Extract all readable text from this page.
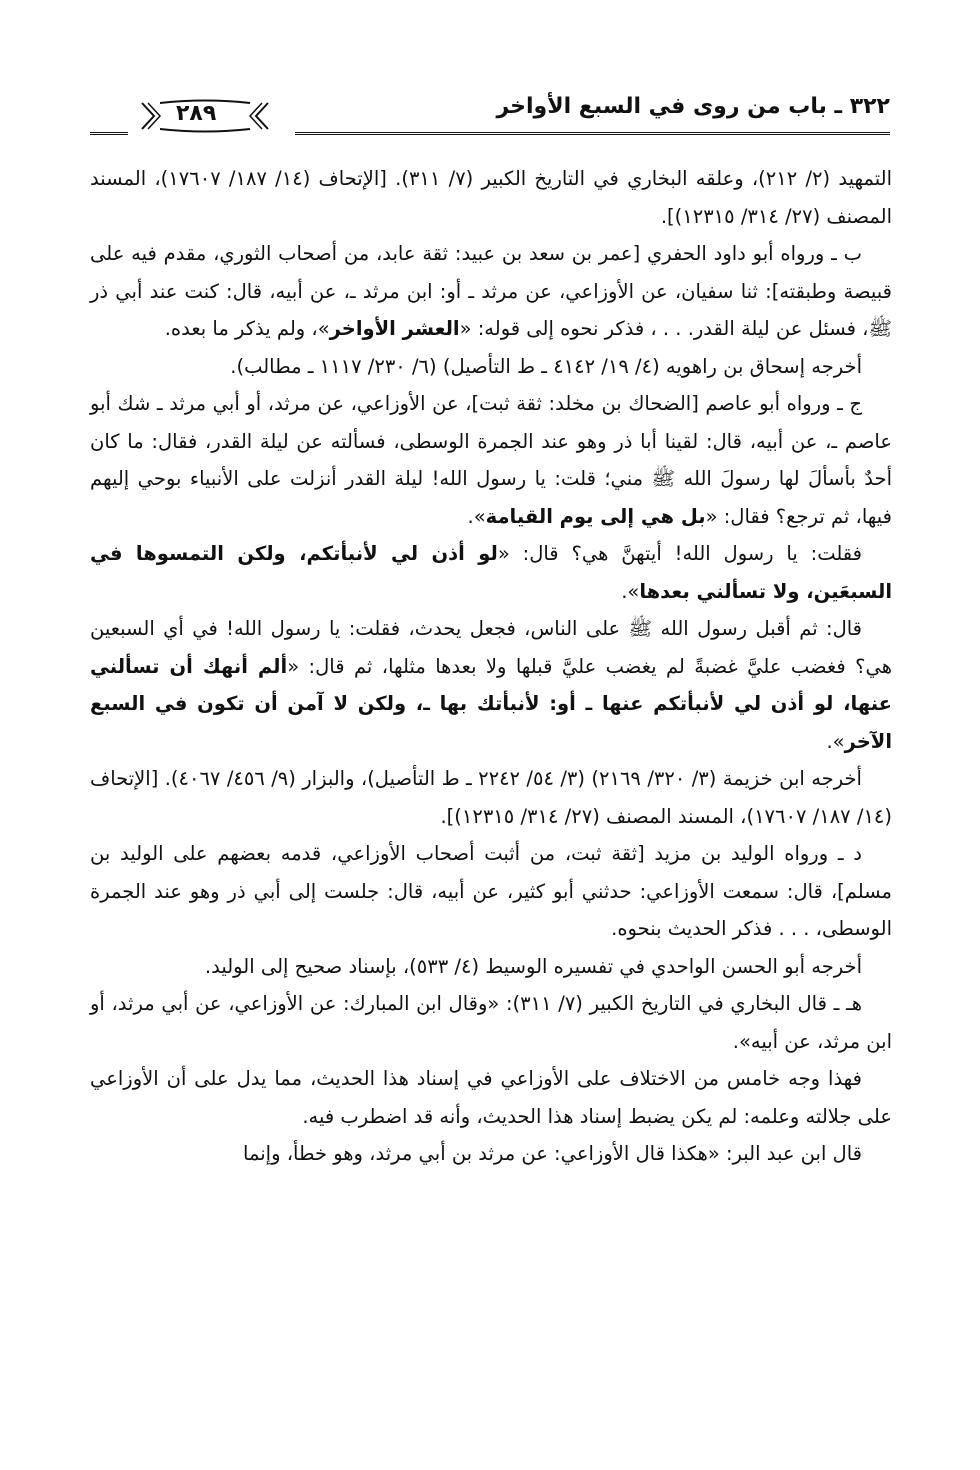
٣٢٢ ـ باب من روى في السبع الأواخر
٢٨٩

التمهيد (٢/ ٢١٢)، وعلقه البخاري في التاريخ الكبير (٧/ ٣١١). [الإتحاف (١٤/ ١٨٧/ ١٧٦٠٧)، المسند المصنف (٢٧/ ٣١٤/ ١٢٣١٥)].

ب ـ ورواه أبو داود الحفري [عمر بن سعد بن عبيد: ثقة عابد، من أصحاب الثوري، مقدم فيه على قبيصة وطبقته]: ثنا سفيان، عن الأوزاعي، عن مرثد ـ أو: ابن مرثد ـ، عن أبيه، قال: كنت عند أبي ذر ﷺ، فسئل عن ليلة القدر. . . ، فذكر نحوه إلى قوله: «العشر الأواخر»، ولم يذكر ما بعده.

أخرجه إسحاق بن راهويه (٤/ ١٩/ ٤١٤٢ ـ ط التأصيل) (٦/ ٢٣٠/ ١١١٧ ـ مطالب).

ج ـ ورواه أبو عاصم [الضحاك بن مخلد: ثقة ثبت]، عن الأوزاعي، عن مرثد، أو أبي مرثد ـ شك أبو عاصم ـ، عن أبيه، قال: لقينا أبا ذر وهو عند الجمرة الوسطى، فسألته عن ليلة القدر، فقال: ما كان أحدٌ بأسألَ لها رسولَ الله ﷺ مني؛ قلت: يا رسول الله! ليلة القدر أنزلت على الأنبياء بوحي إليهم فيها، ثم ترجع؟ فقال: «بل هي إلى يوم القيامة».

فقلت: يا رسول الله! أيتهنَّ هي؟ قال: «لو أذن لي لأنبأتكم، ولكن التمسوها في السبعَين، ولا تسألني بعدها».

قال: ثم أقبل رسول الله ﷺ على الناس، فجعل يحدث، فقلت: يا رسول الله! في أي السبعين هي؟ فغضب عليَّ غضبةً لم يغضب عليَّ قبلها ولا بعدها مثلها، ثم قال: «ألم أنهك أن تسألني عنها، لو أذن لي لأنبأتكم عنها ـ أو: لأنبأتك بها ـ، ولكن لا آمن أن تكون في السبع الآخر».

أخرجه ابن خزيمة (٣/ ٣٢٠/ ٢١٦٩) (٣/ ٥٤/ ٢٢٤٢ ـ ط التأصيل)، والبزار (٩/ ٤٥٦/ ٤٠٦٧). [الإتحاف (١٤/ ١٨٧/ ١٧٦٠٧)، المسند المصنف (٢٧/ ٣١٤/ ١٢٣١٥)].

د ـ ورواه الوليد بن مزيد [ثقة ثبت، من أثبت أصحاب الأوزاعي، قدمه بعضهم على الوليد بن مسلم]، قال: سمعت الأوزاعي: حدثني أبو كثير، عن أبيه، قال: جلست إلى أبي ذر وهو عند الجمرة الوسطى، . . . فذكر الحديث بنحوه.

أخرجه أبو الحسن الواحدي في تفسيره الوسيط (٤/ ٥٣٣)، بإسناد صحيح إلى الوليد.

هـ ـ قال البخاري في التاريخ الكبير (٧/ ٣١١): «وقال ابن المبارك: عن الأوزاعي، عن أبي مرثد، أو ابن مرثد، عن أبيه».

فهذا وجه خامس من الاختلاف على الأوزاعي في إسناد هذا الحديث، مما يدل على أن الأوزاعي على جلالته وعلمه: لم يكن يضبط إسناد هذا الحديث، وأنه قد اضطرب فيه.

قال ابن عبد البر: «هكذا قال الأوزاعي: عن مرثد بن أبي مرثد، وهو خطأ، وإنما
